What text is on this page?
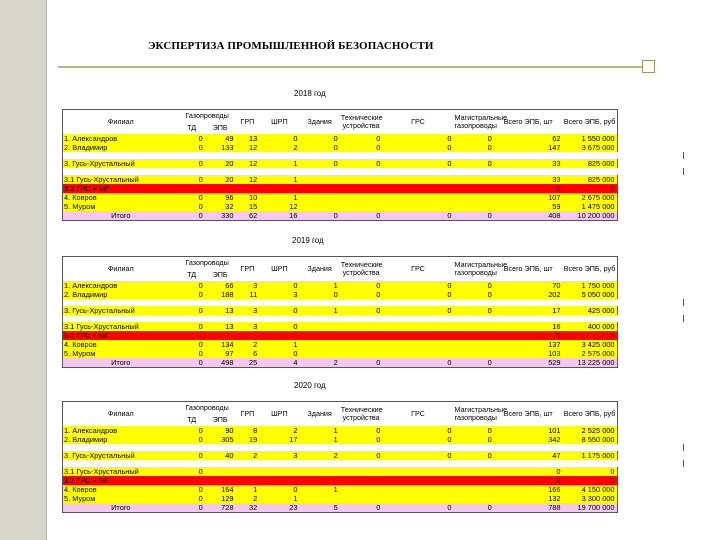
ЭКСПЕРТИЗА ПРОМЫШЛЕННОЙ БЕЗОПАСНОСТИ
2018 год
Филиал	Газопроводы		ГРП	ШРП	Здания	Технические устройства	ГРС	Магистральные газопроводы	Всего ЭПБ, шт	Всего ЭПБ, руб
	ТД	ЭПБ								
1. Александров	0	49	13	0	0	0	0	0	62	1 550 000
2. Владимир	0	133	12	2	0	0	0	0	147	3 675 000

3. Гусь-Хрустальный	0	20	12	1	0	0	0	0	33	825 000

3.1 Гусь-Хрустальный	0	20	12	1					33	825 000
3.2 ГРС + МГ									0	0
4. Ковров	0	96	10	1					107	2 675 000
5. Муром	0	32	15	12					59	1 475 000
Итого	0	330	62	16	0	0	0	0	408	10 200 000
2019 год
Филиал	Газопроводы		ГРП	ШРП	Здания	Технические устройства	ГРС	Магистральные газопроводы	Всего ЭПБ, шт	Всего ЭПБ, руб
	ТД	ЭПБ								
1. Александров	0	66	3	0	1	0	0	0	70	1 750 000
2. Владимир	0	188	11	3	0	0	0	0	202	5 050 000

3. Гусь-Хрустальный	0	13	3	0	1	0	0	0	17	425 000

3.1 Гусь-Хрустальный	0	13	3	0					16	400 000
3.2 ГРС + МГ									0	0
4. Ковров	0	134	2	1					137	3 425 000
5. Муром	0	97	6	0					103	2 575 000
Итого	0	498	25	4	2	0	0	0	529	13 225 000
2020 год
Филиал	Газопроводы		ГРП	ШРП	Здания	Технические устройства	ГРС	Магистральные газопроводы	Всего ЭПБ, шт	Всего ЭПБ, руб
	ТД	ЭПБ								
1. Александров	0	90	8	2	1	0	0	0	101	2 525 000
2. Владимир	0	305	19	17	1	0	0	0	342	8 550 000

3. Гусь-Хрустальный	0	40	2	3	2	0	0	0	47	1 175 000

3.1 Гусь-Хрустальный	0								0	0
3.2 ГРС + МГ									0	0
4. Ковров	0	164	1	0	1				166	4 150 000
5. Муром	0	129	2	1					132	3 300 000
Итого	0	728	32	23	5	0	0	0	788	19 700 000
